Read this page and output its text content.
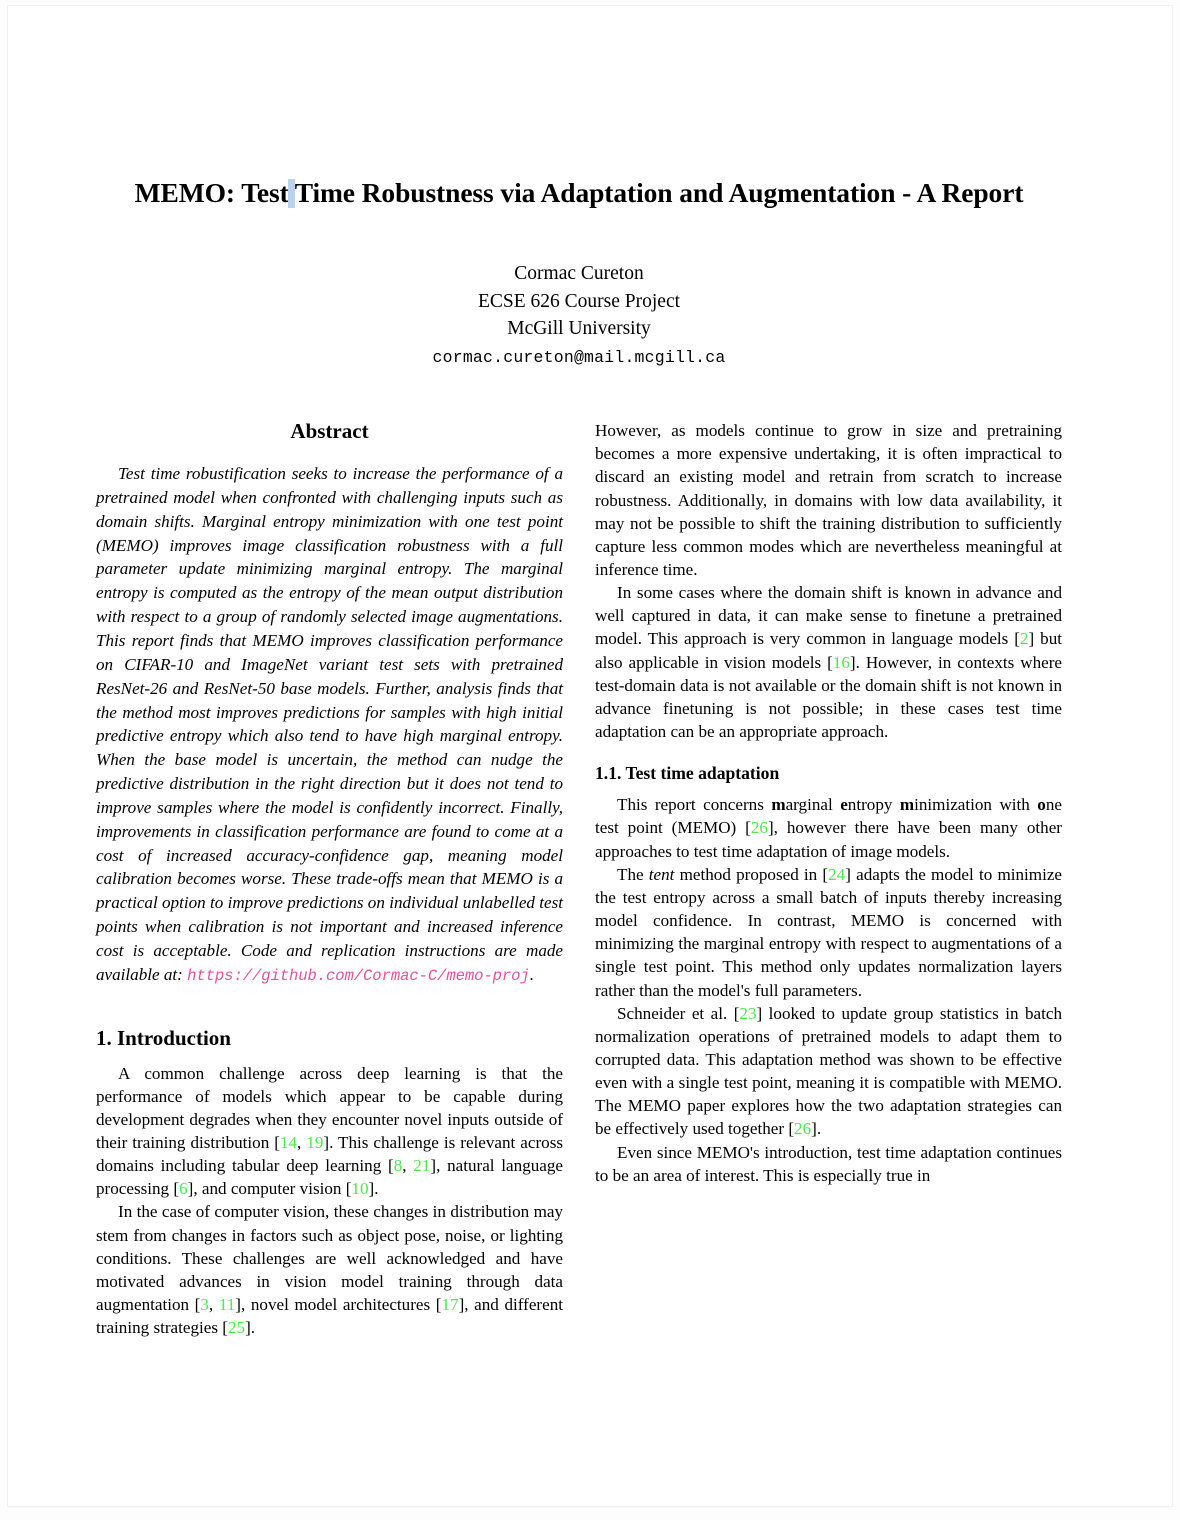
MEMO: Test Time Robustness via Adaptation and Augmentation - A Report
Cormac Cureton
ECSE 626 Course Project
McGill University
cormac.cureton@mail.mcgill.ca
Abstract

Test time robustification seeks to increase the performance of a pretrained model when confronted with challenging inputs such as domain shifts. Marginal entropy minimization with one test point (MEMO) improves image classification robustness with a full parameter update minimizing marginal entropy. The marginal entropy is computed as the entropy of the mean output distribution with respect to a group of randomly selected image augmentations. This report finds that MEMO improves classification performance on CIFAR-10 and ImageNet variant test sets with pretrained ResNet-26 and ResNet-50 base models. Further, analysis finds that the method most improves predictions for samples with high initial predictive entropy which also tend to have high marginal entropy. When the base model is uncertain, the method can nudge the predictive distribution in the right direction but it does not tend to improve samples where the model is confidently incorrect. Finally, improvements in classification performance are found to come at a cost of increased accuracy-confidence gap, meaning model calibration becomes worse. These trade-offs mean that MEMO is a practical option to improve predictions on individual unlabelled test points when calibration is not important and increased inference cost is acceptable. Code and replication instructions are made available at: https://github.com/Cormac-C/memo-proj.

1. Introduction

A common challenge across deep learning is that the performance of models which appear to be capable during development degrades when they encounter novel inputs outside of their training distribution [14, 19]. This challenge is relevant across domains including tabular deep learning [8, 21], natural language processing [6], and computer vision [10].

In the case of computer vision, these changes in distribution may stem from changes in factors such as object pose, noise, or lighting conditions. These challenges are well acknowledged and have motivated advances in vision model training through data augmentation [3, 11], novel model architectures [17], and different training strategies [25].

However, as models continue to grow in size and pretraining becomes a more expensive undertaking, it is often impractical to discard an existing model and retrain from scratch to increase robustness. Additionally, in domains with low data availability, it may not be possible to shift the training distribution to sufficiently capture less common modes which are nevertheless meaningful at inference time.

In some cases where the domain shift is known in advance and well captured in data, it can make sense to finetune a pretrained model. This approach is very common in language models [2] but also applicable in vision models [16]. However, in contexts where test-domain data is not available or the domain shift is not known in advance finetuning is not possible; in these cases test time adaptation can be an appropriate approach.

1.1. Test time adaptation

This report concerns marginal entropy minimization with one test point (MEMO) [26], however there have been many other approaches to test time adaptation of image models.

The tent method proposed in [24] adapts the model to minimize the test entropy across a small batch of inputs thereby increasing model confidence. In contrast, MEMO is concerned with minimizing the marginal entropy with respect to augmentations of a single test point. This method only updates normalization layers rather than the model's full parameters.

Schneider et al. [23] looked to update group statistics in batch normalization operations of pretrained models to adapt them to corrupted data. This adaptation method was shown to be effective even with a single test point, meaning it is compatible with MEMO. The MEMO paper explores how the two adaptation strategies can be effectively used together [26].

Even since MEMO's introduction, test time adaptation continues to be an area of interest. This is especially true in
